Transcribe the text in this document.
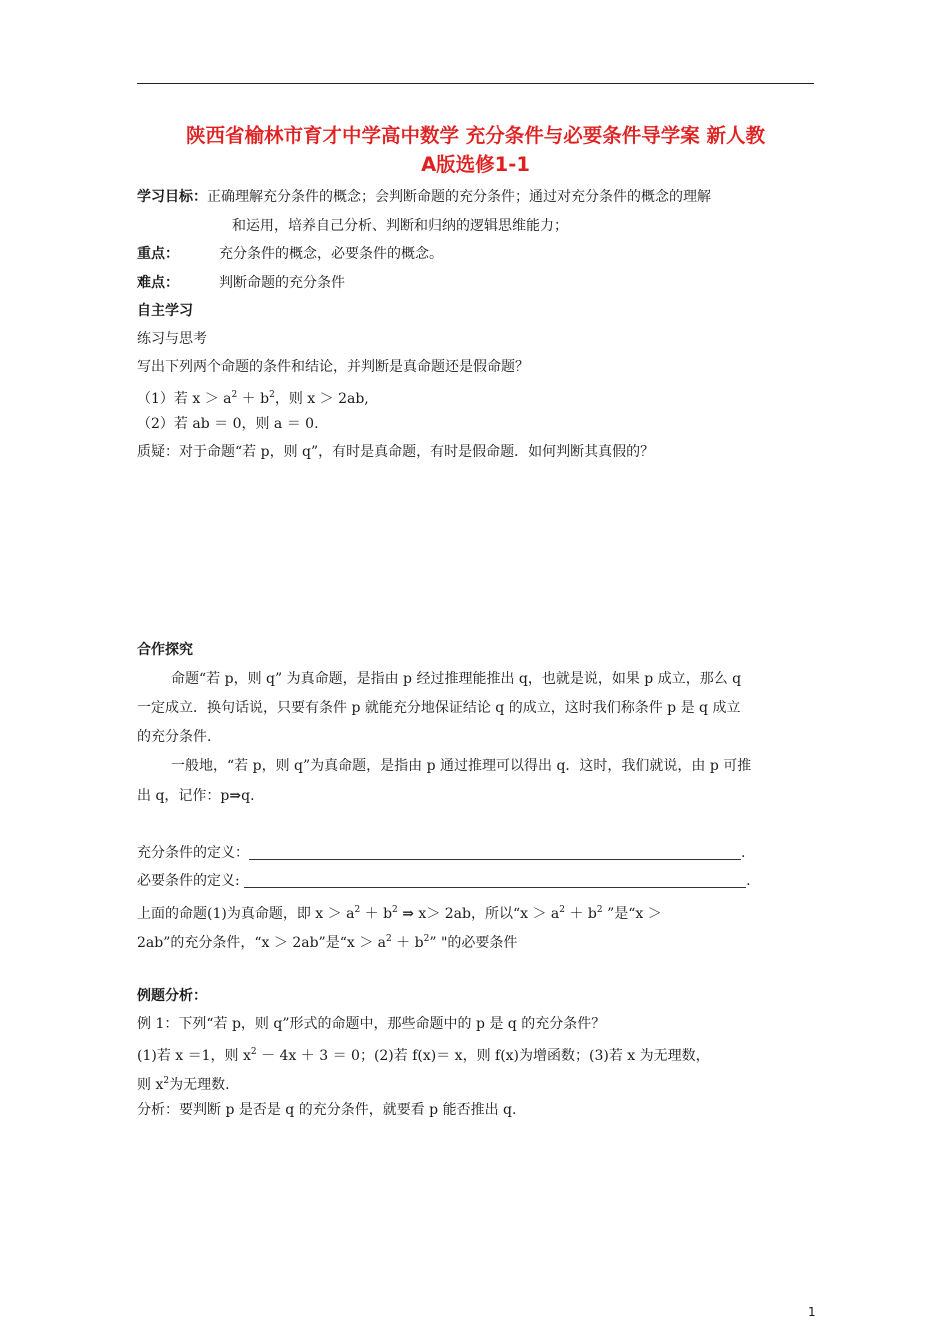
陕西省榆林市育才中学高中数学 充分条件与必要条件导学案 新人教
A版选修1-1
学习目标：正确理解充分条件的概念；会判断命题的充分条件；通过对充分条件的概念的理解
和运用，培养自己分析、判断和归纳的逻辑思维能力；
重点：	充分条件的概念，必要条件的概念。
难点：	判断命题的充分条件
自主学习
练习与思考
写出下列两个命题的条件和结论，并判断是真命题还是假命题？
（1）若 $x > a^2 + b^2$，则 x ＞ 2ab,
（2）若 ab ＝ 0，则 a ＝ 0.
质疑：对于命题“若 p，则 q”，有时是真命题，有时是假命题．如何判断其真假的？
合作探究
命题“若 p，则 q” 为真命题，是指由 p 经过推理能推出 q，也就是说，如果 p 成立，那么 q
一定成立．换句话说，只要有条件 p 就能充分地保证结论 q 的成立，这时我们称条件 p 是 q 成立
的充分条件.
一般地，“若 p，则 q”为真命题，是指由 p 通过推理可以得出 q．这时，我们就说，由 p 可推
出 q，记作：p⇒q.
充分条件的定义：	.
必要条件的定义:	.
上面的命题(1)为真命题，即 $x > a^2 + b^2$ ⇒ x＞ 2ab，所以“$x > a^2 + b^2$ ”是“x ＞
2ab”的充分条件，“x ＞ 2ab”是“$x > a^2 + b^2$” "的必要条件
例题分析：
例 1：下列“若 p，则 q”形式的命题中，那些命题中的 p 是 q 的充分条件？
(1)若 x ＝1，则 $x^2 - 4x + 3 = 0$；(2)若 f(x)＝ x，则 f(x)为增函数；(3)若 x 为无理数，
则 $x^2$为无理数.
分析：要判断 p 是否是 q 的充分条件，就要看 p 能否推出 q.
1
